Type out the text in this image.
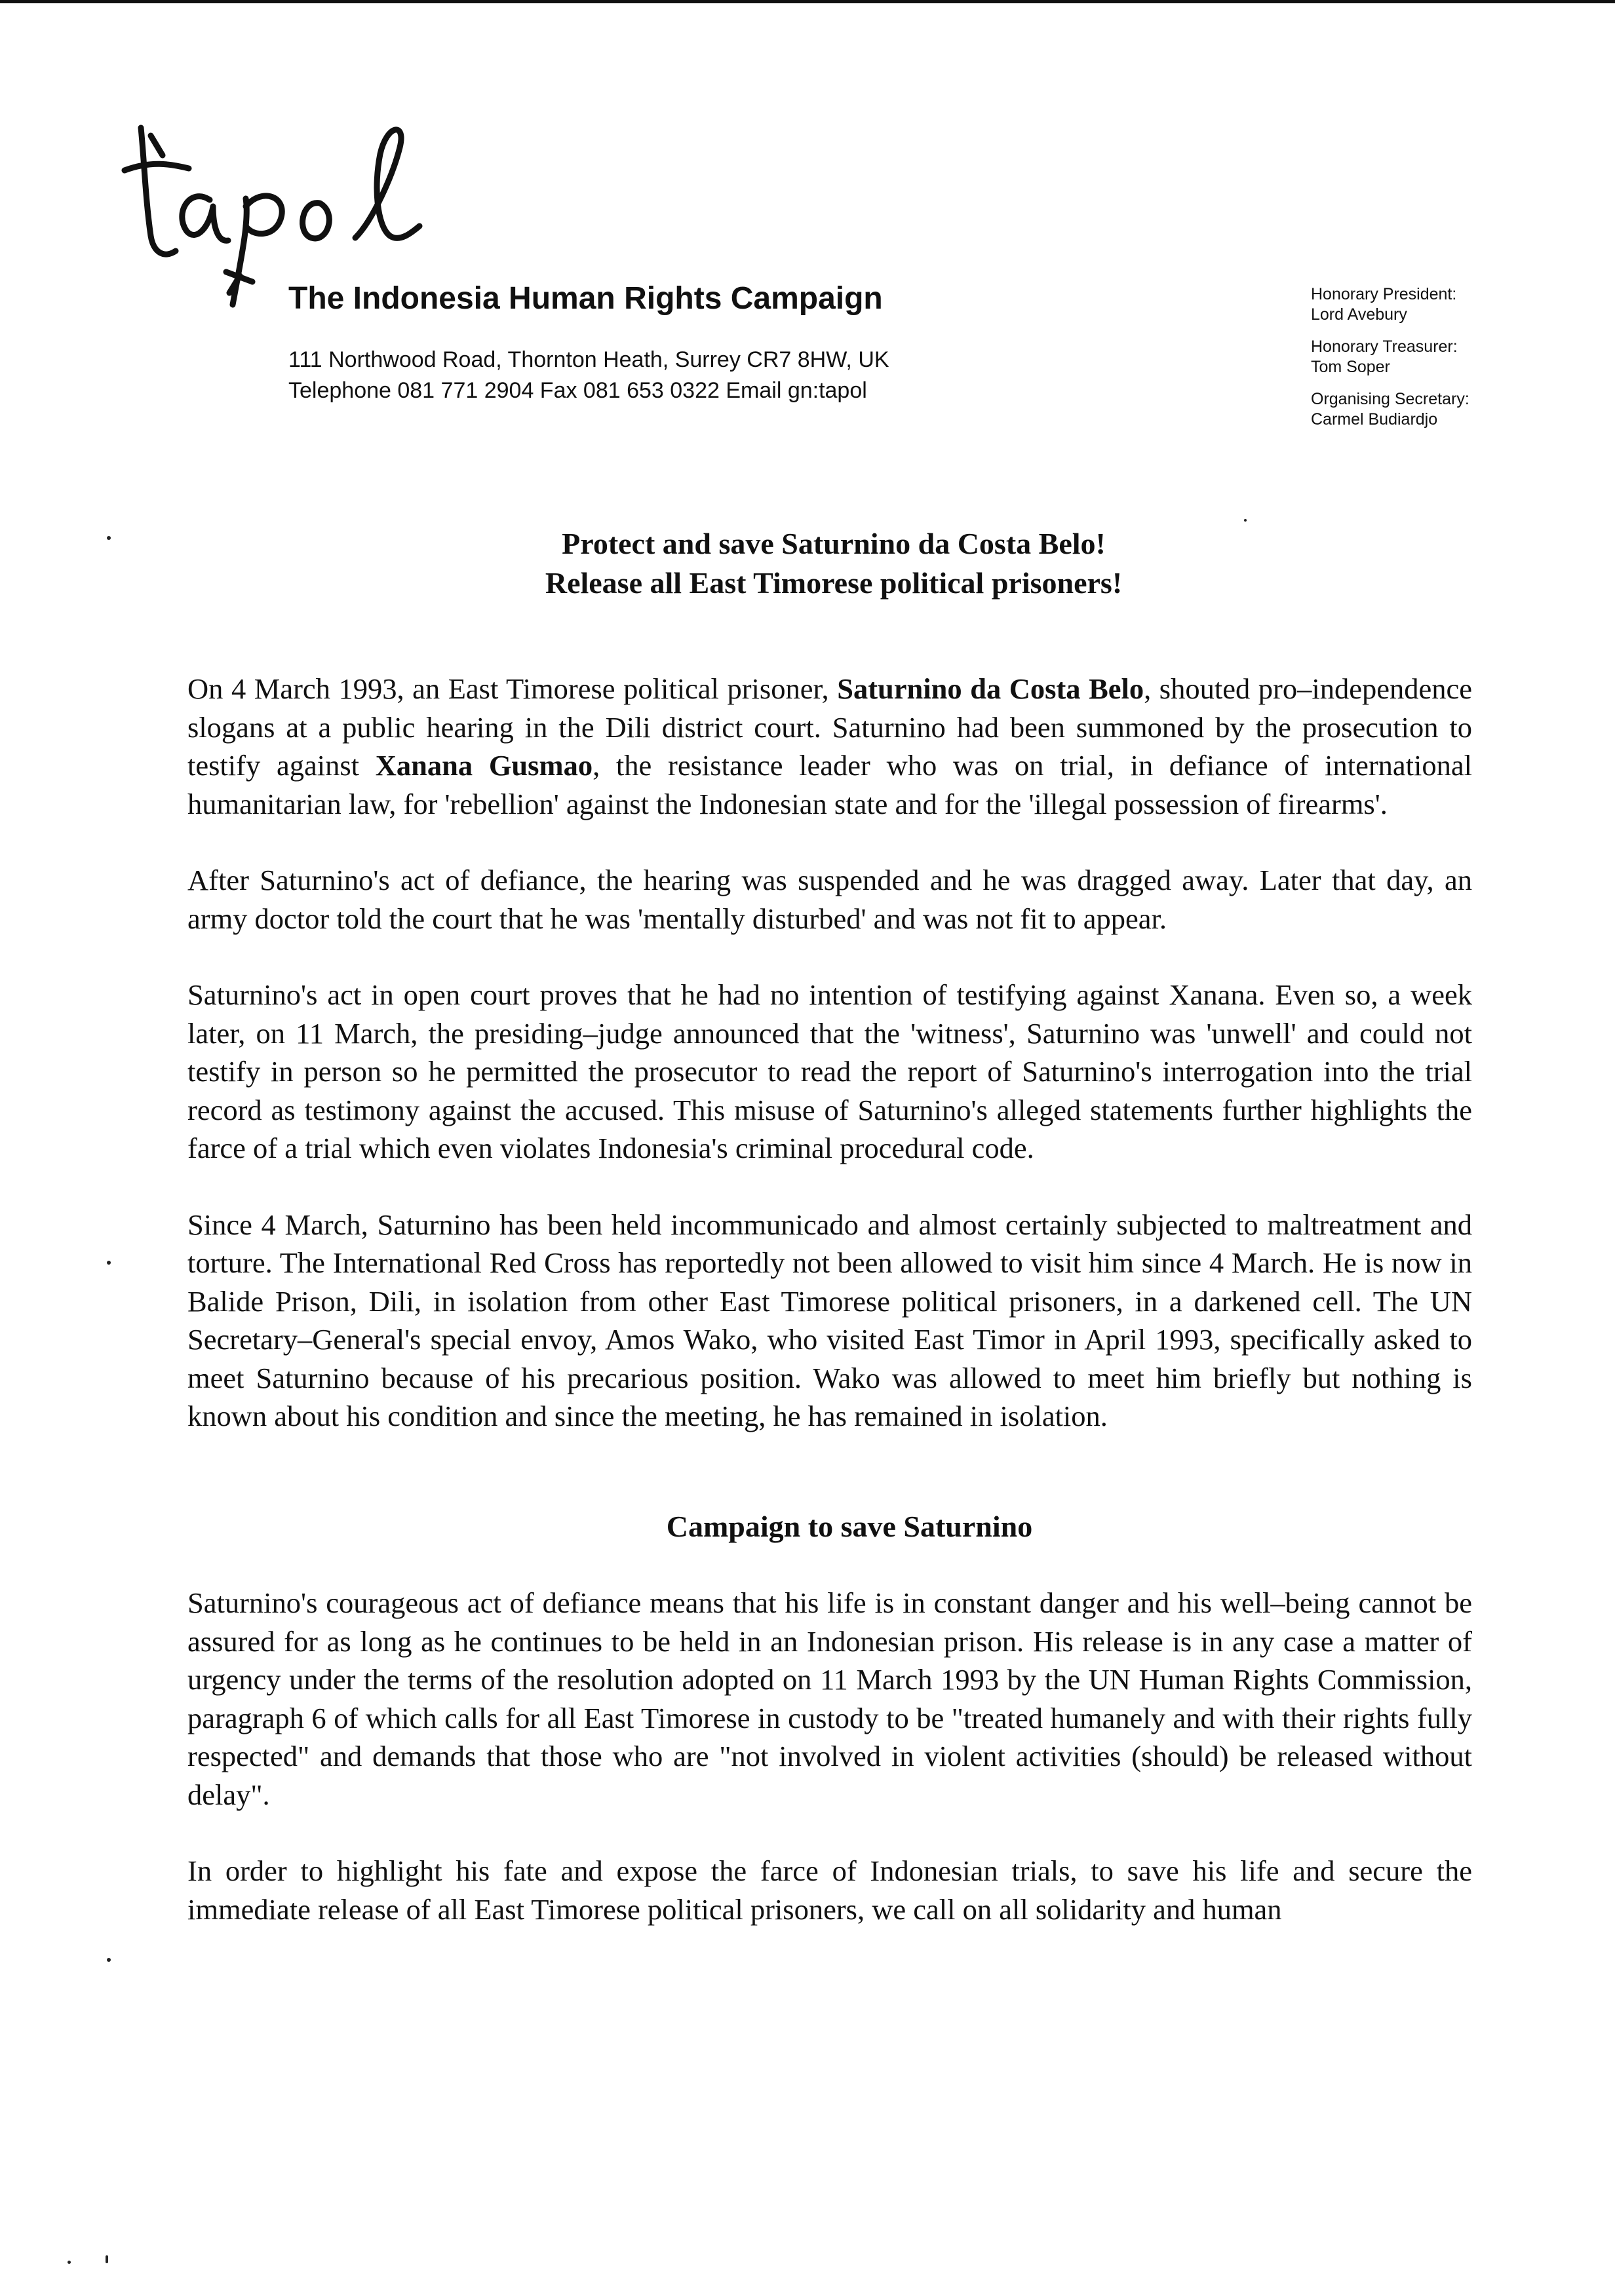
The Indonesia Human Rights Campaign
111 Northwood Road, Thornton Heath, Surrey CR7 8HW, UK
Telephone 081 771 2904 Fax 081 653 0322 Email gn:tapol
Honorary President:
Lord Avebury
Honorary Treasurer:
Tom Soper
Organising Secretary:
Carmel Budiardjo
Protect and save Saturnino da Costa Belo!
Release all East Timorese political prisoners!

On 4 March 1993, an East Timorese political prisoner, Saturnino da Costa Belo, shouted pro–independence slogans at a public hearing in the Dili district court. Saturnino had been summoned by the prosecution to testify against Xanana Gusmao, the resistance leader who was on trial, in defiance of international humanitarian law, for 'rebellion' against the Indonesian state and for the 'illegal possession of firearms'.

After Saturnino's act of defiance, the hearing was suspended and he was dragged away. Later that day, an army doctor told the court that he was 'mentally disturbed' and was not fit to appear.

Saturnino's act in open court proves that he had no intention of testifying against Xanana. Even so, a week later, on 11 March, the presiding–judge announced that the 'witness', Saturnino was 'unwell' and could not testify in person so he permitted the prosecutor to read the report of Saturnino's interrogation into the trial record as testimony against the accused. This misuse of Saturnino's alleged statements further highlights the farce of a trial which even violates Indonesia's criminal procedural code.

Since 4 March, Saturnino has been held incommunicado and almost certainly subjected to maltreatment and torture. The International Red Cross has reportedly not been allowed to visit him since 4 March. He is now in Balide Prison, Dili, in isolation from other East Timorese political prisoners, in a darkened cell. The UN Secretary–General's special envoy, Amos Wako, who visited East Timor in April 1993, specifically asked to meet Saturnino because of his precarious position. Wako was allowed to meet him briefly but nothing is known about his condition and since the meeting, he has remained in isolation.

Campaign to save Saturnino

Saturnino's courageous act of defiance means that his life is in constant danger and his well–being cannot be assured for as long as he continues to be held in an Indonesian prison. His release is in any case a matter of urgency under the terms of the resolution adopted on 11 March 1993 by the UN Human Rights Commission, paragraph 6 of which calls for all East Timorese in custody to be "treated humanely and with their rights fully respected" and demands that those who are "not involved in violent activities (should) be released without delay".

In order to highlight his fate and expose the farce of Indonesian trials, to save his life and secure the immediate release of all East Timorese political prisoners, we call on all solidarity and human
